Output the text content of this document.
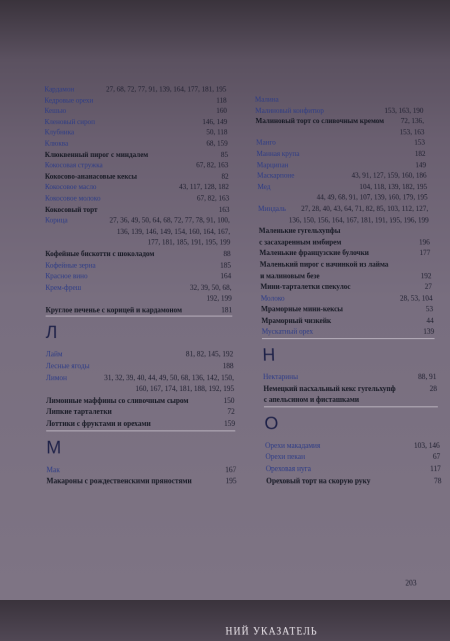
Кардамон	27, 68, 72, 77, 91, 139, 164, 177, 181, 195
Кедровые орехи	118
Кешью	160
Кленовый сироп	146, 149
Клубника	50, 118
Клюква	68, 159
Клюквенный пирог с миндалем	85
Кокосовая стружка	67, 82, 163
Кокосово-ананасовые кексы	82
Кокосовое масло	43, 117, 128, 182
Кокосовое молоко	67, 82, 163
Кокосовый торт	163
Корица	27, 36, 49, 50, 64, 68, 72, 77, 78, 91, 100,
136, 139, 146, 149, 154, 160, 164, 167,
177, 181, 185, 191, 195, 199
Кофейные бискотти с шоколадом	88
Кофейные зерна	185
Красное вино	164
Крем-фреш	32, 39, 50, 68,
192, 199
Круглое печенье с корицей и кардамоном	181
Л
Лайм	81, 82, 145, 192
Лесные ягоды	188
Лимон	31, 32, 39, 40, 44, 49, 50, 68, 136, 142, 150,
160, 167, 174, 181, 188, 192, 195
Лимонные маффины со сливочным сыром	150
Липкие тарталетки	72
Лоттики с фруктами и орехами	159
М
Мак	167
Макароны с рождественскими пряностями	195
Малина
Малиновый конфитюр	153, 163, 190
Малиновый торт со сливочным кремом	72, 136, 153, 163
Манго	153
Манная крупа	182
Марципан	149
Маскарпоне	43, 91, 127, 159, 160, 186
Мед	104, 118, 139, 182, 195
44, 49, 68, 91, 107, 139, 160, 179, 195
Миндаль	27, 28, 40, 43, 64, 71, 82, 85, 103, 112, 127,
136, 150, 156, 164, 167, 181, 191, 195, 196, 199
Маленькие гугельхупфы
с засахаренным имбирем	196
Маленькие французские булочки	177
Маленький пирог с начинкой из лайма
и малиновым безе	192
Мини-тарталетки спекулос	27
Молоко	28, 53, 104
Мраморные мини-кексы	53
Мраморный чизкейк	44
Мускатный орех	139
Н
Нектарины	88, 91
Немецкий пасхальный кекс гугельхупф	28
с апельсином и фисташками
О
Орехи макадамия	103, 146
Орехи пекан	67
Ореховая нуга	117
Ореховый торт на скорую руку	78
203
НИЙ УКАЗАТЕЛЬ
